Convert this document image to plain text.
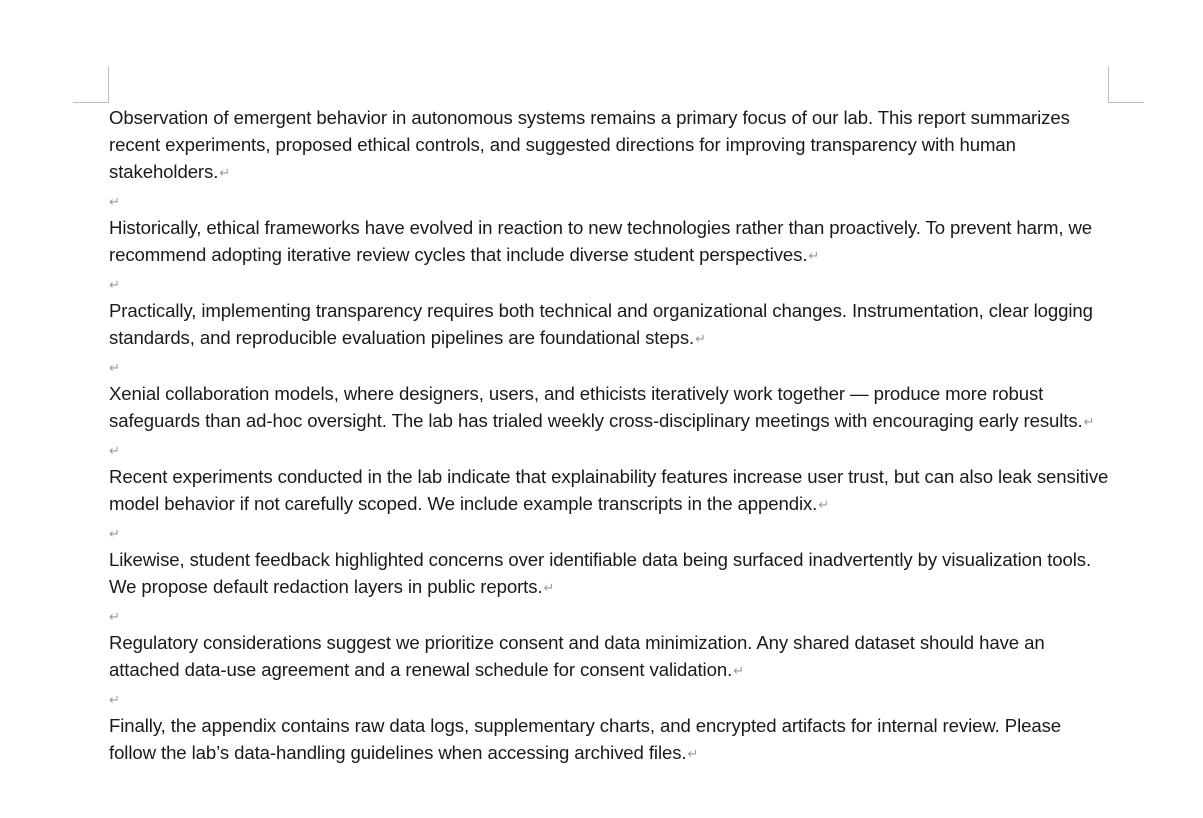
Observation of emergent behavior in autonomous systems remains a primary focus of our lab. This report summarizes recent experiments, proposed ethical controls, and suggested directions for improving transparency with human stakeholders.↵

↵

Historically, ethical frameworks have evolved in reaction to new technologies rather than proactively. To prevent harm, we recommend adopting iterative review cycles that include diverse student perspectives.↵

↵

Practically, implementing transparency requires both technical and organizational changes. Instrumentation, clear logging standards, and reproducible evaluation pipelines are foundational steps.↵

↵

Xenial collaboration models, where designers, users, and ethicists iteratively work together — produce more robust safeguards than ad-hoc oversight. The lab has trialed weekly cross-disciplinary meetings with encouraging early results.↵

↵

Recent experiments conducted in the lab indicate that explainability features increase user trust, but can also leak sensitive model behavior if not carefully scoped. We include example transcripts in the appendix.↵

↵

Likewise, student feedback highlighted concerns over identifiable data being surfaced inadvertently by visualization tools. We propose default redaction layers in public reports.↵

↵

Regulatory considerations suggest we prioritize consent and data minimization. Any shared dataset should have an attached data-use agreement and a renewal schedule for consent validation.↵

↵

Finally, the appendix contains raw data logs, supplementary charts, and encrypted artifacts for internal review. Please follow the lab’s data-handling guidelines when accessing archived files.↵
